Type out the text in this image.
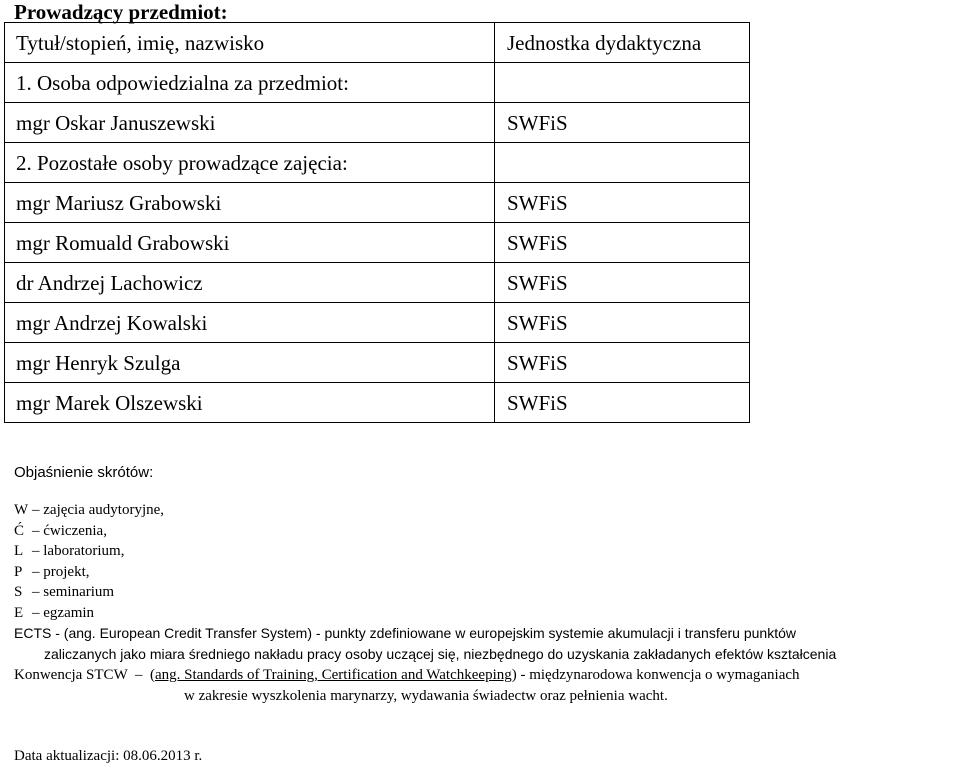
Prowadzący przedmiot:
Tytuł/stopień, imię, nazwisko	Jednostka dydaktyczna
1. Osoba odpowiedzialna za przedmiot:	
mgr Oskar Januszewski	SWFiS
2. Pozostałe osoby prowadzące zajęcia:	
mgr Mariusz Grabowski	SWFiS
mgr Romuald Grabowski	SWFiS
dr Andrzej Lachowicz	SWFiS
mgr Andrzej Kowalski	SWFiS
mgr Henryk Szulga	SWFiS
mgr Marek Olszewski	SWFiS
Objaśnienie skrótów:
W – zajęcia audytoryjne,
Ć – ćwiczenia,
L – laboratorium,
P – projekt,
S – seminarium
E – egzamin
ECTS - (ang. European Credit Transfer System) - punkty zdefiniowane w europejskim systemie akumulacji i transferu punktów
zaliczanych jako miara średniego nakładu pracy osoby uczącej się, niezbędnego do uzyskania zakładanych efektów kształcenia
Konwencja STCW  –  (ang. Standards of Training, Certification and Watchkeeping) - międzynarodowa konwencja o wymaganiach
w zakresie wyszkolenia marynarzy, wydawania świadectw oraz pełnienia wacht.
Data aktualizacji: 08.06.2013 r.
